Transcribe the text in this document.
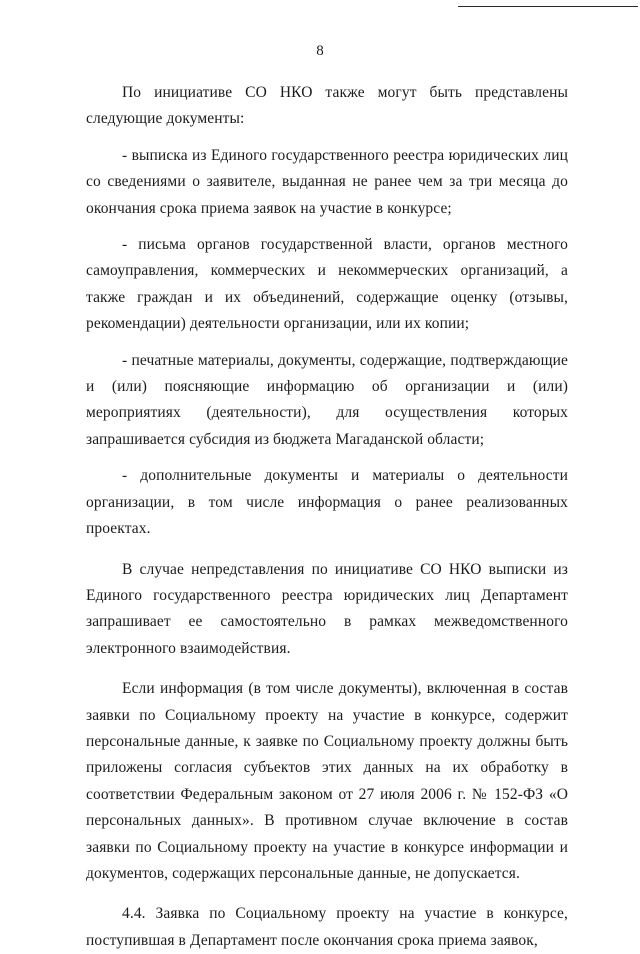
8

По инициативе СО НКО также могут быть представлены следующие документы:

- выписка из Единого государственного реестра юридических лиц со сведениями о заявителе, выданная не ранее чем за три месяца до окончания срока приема заявок на участие в конкурсе;

- письма органов государственной власти, органов местного самоуправления, коммерческих и некоммерческих организаций, а также граждан и их объединений, содержащие оценку (отзывы, рекомендации) деятельности организации, или их копии;

- печатные материалы, документы, содержащие, подтверждающие и (или) поясняющие информацию об организации и (или) мероприятиях (деятельности), для осуществления которых запрашивается субсидия из бюджета Магаданской области;

- дополнительные документы и материалы о деятельности организации, в том числе информация о ранее реализованных проектах.

В случае непредставления по инициативе СО НКО выписки из Единого государственного реестра юридических лиц Департамент запрашивает ее самостоятельно в рамках межведомственного электронного взаимодействия.

Если информация (в том числе документы), включенная в состав заявки по Социальному проекту на участие в конкурсе, содержит персональные данные, к заявке по Социальному проекту должны быть приложены согласия субъектов этих данных на их обработку в соответствии Федеральным законом от 27 июля 2006 г. № 152-ФЗ «О персональных данных». В противном случае включение в состав заявки по Социальному проекту на участие в конкурсе информации и документов, содержащих персональные данные, не допускается.

4.4. Заявка по Социальному проекту на участие в конкурсе, поступившая в Департамент после окончания срока приема заявок,
